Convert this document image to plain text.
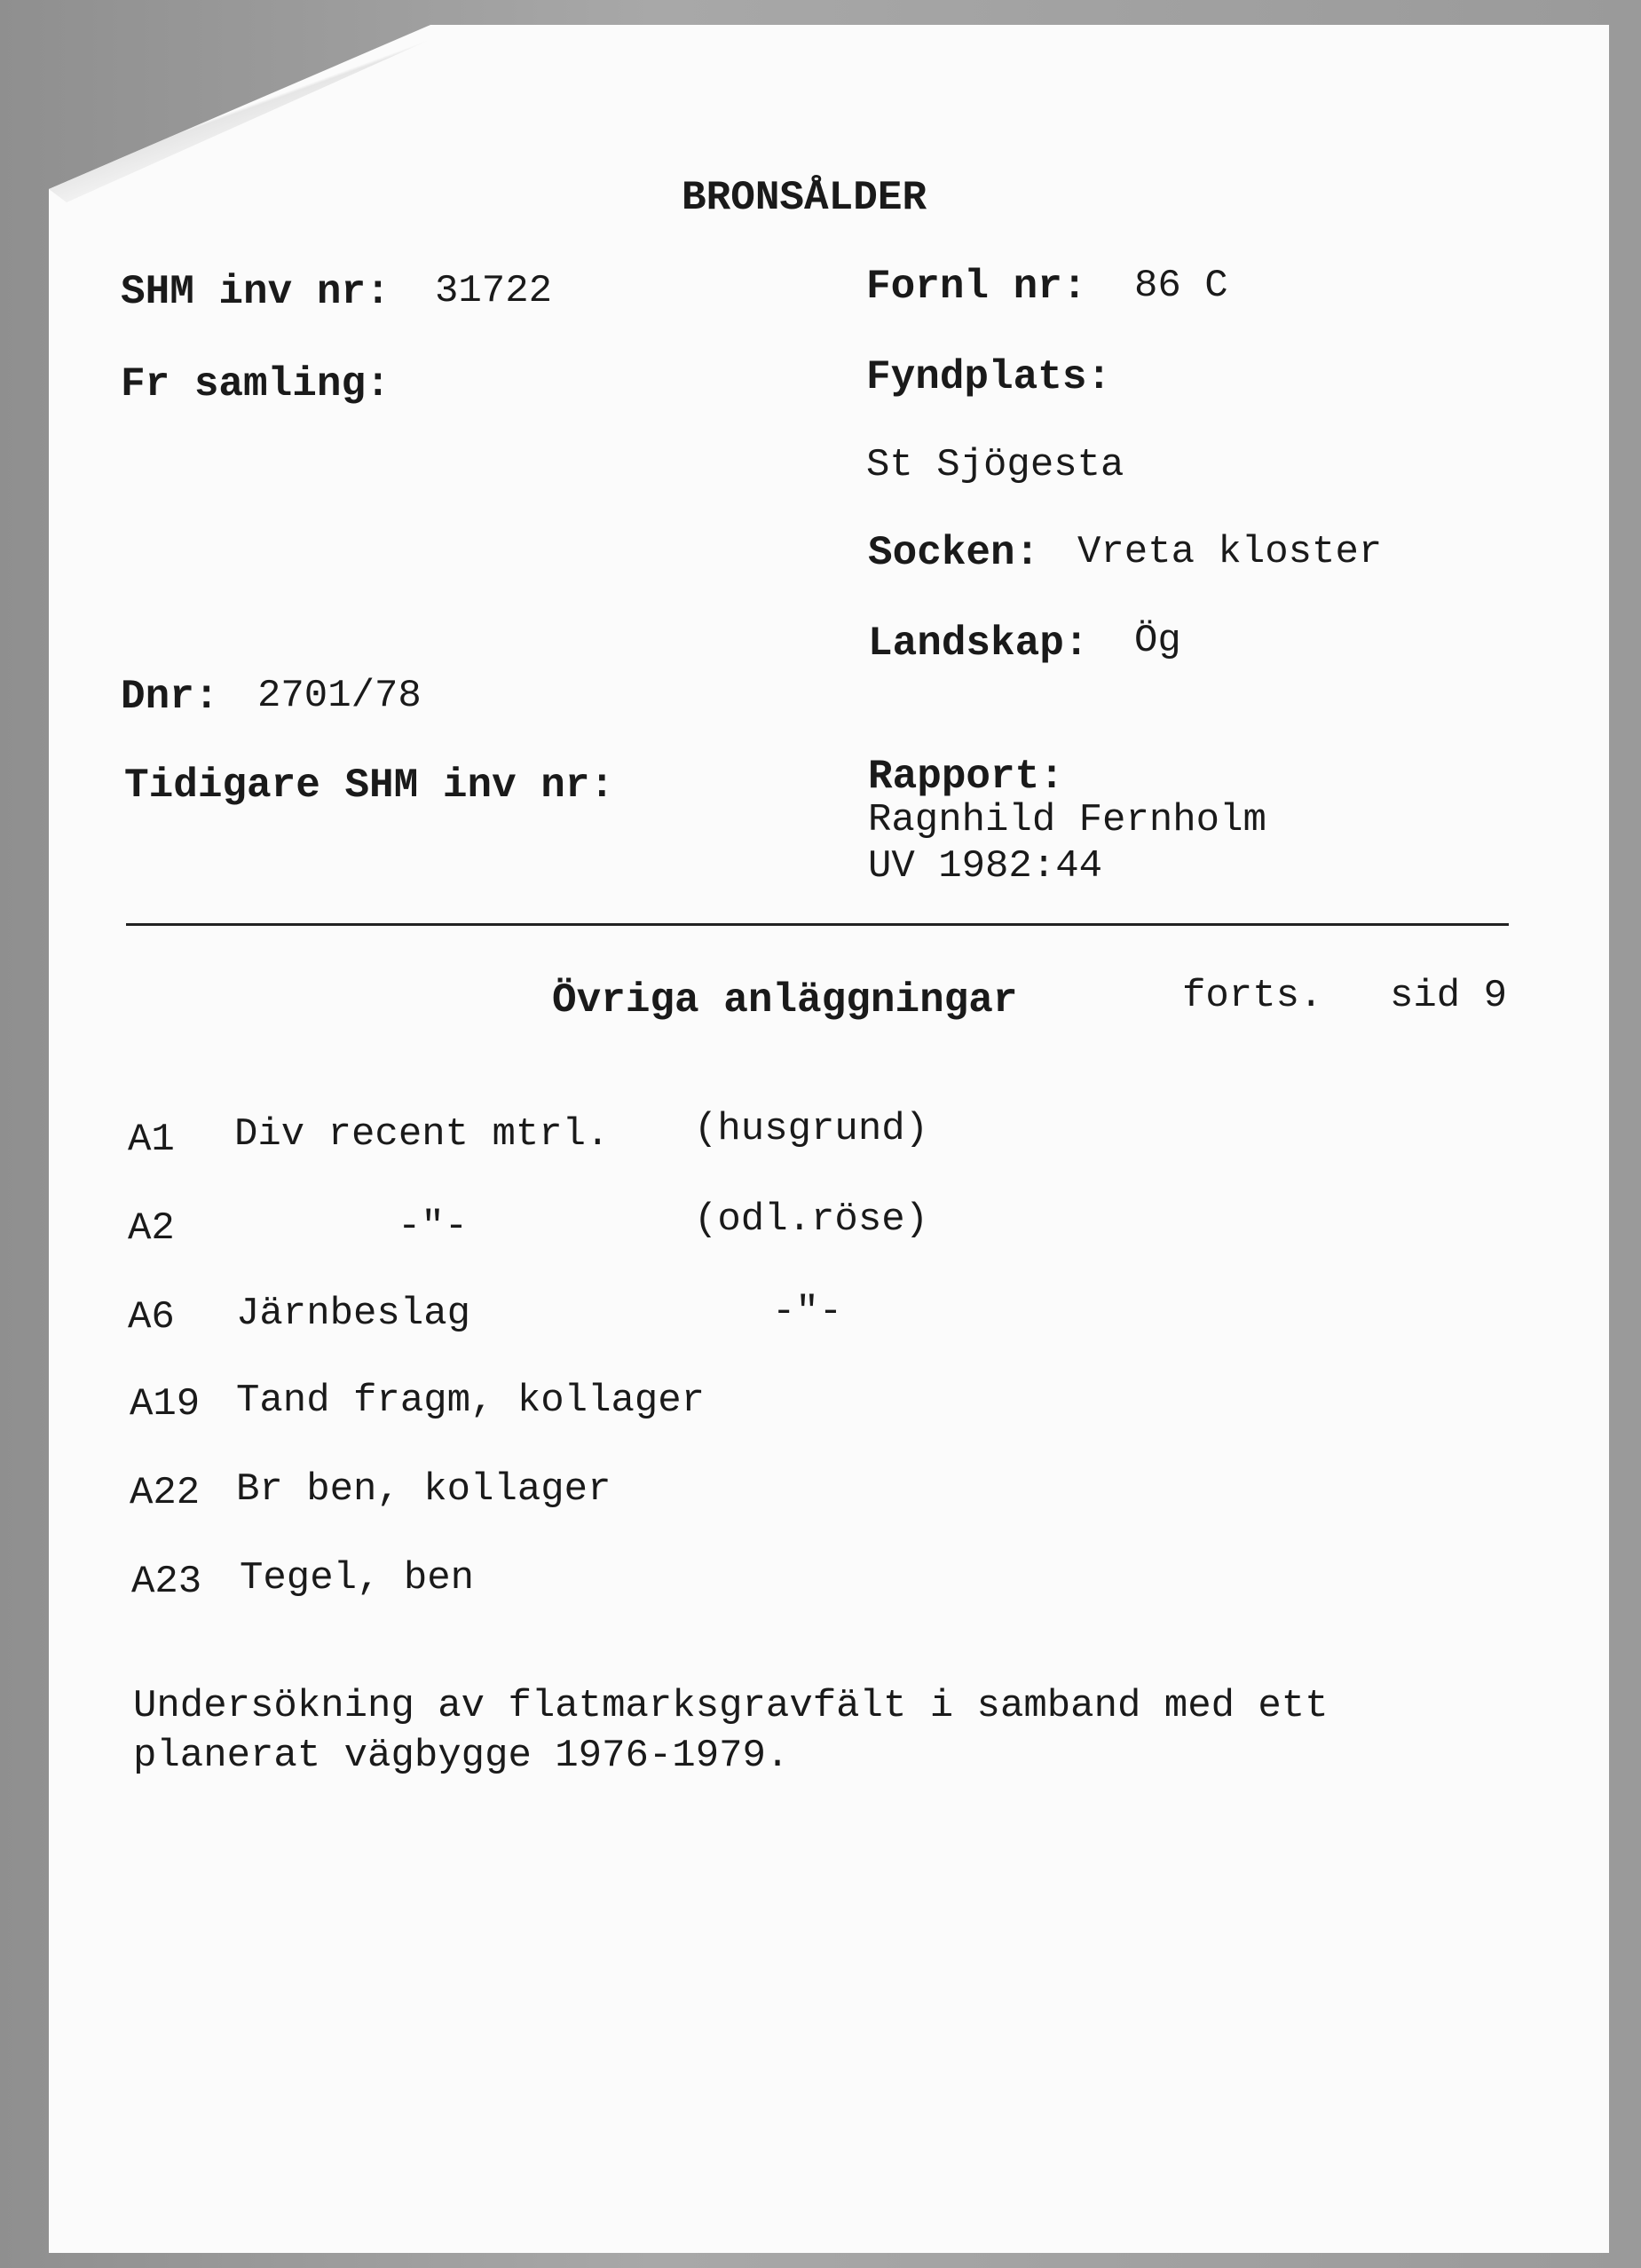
BRONSÅLDER
SHM inv nr: 31722
Fr samling:
Dnr: 2701/78
Tidigare SHM inv nr:
Fornl nr: 86 C
Fyndplats:
St Sjögesta
Socken: Vreta kloster
Landskap: Ög
Rapport:
Ragnhild Fernholm
UV 1982:44
Övriga anläggningar	forts. sid 9
A1 Div recent mtrl. (husgrund)
A2	-"-	(odl.röse)
A6 Järnbeslag	-"-
A19 Tand fragm, kollager
A22 Br ben, kollager
A23 Tegel, ben
Undersökning av flatmarksgravfält i samband med ett
planerat vägbygge 1976-1979.
